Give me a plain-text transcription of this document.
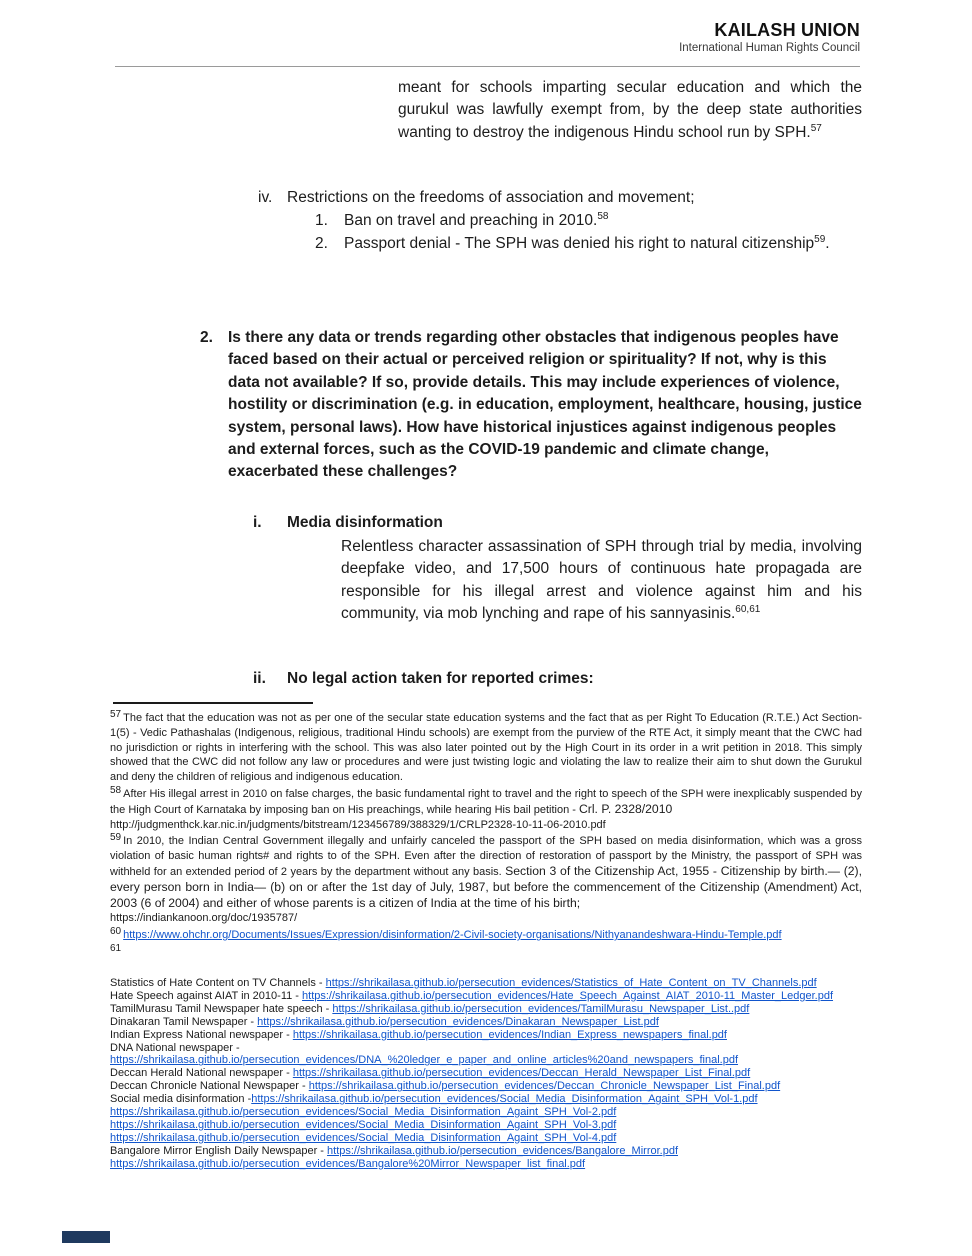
KAILASH UNION
International Human Rights Council

meant for schools imparting secular education and which the gurukul was lawfully exempt from, by the deep state authorities wanting to destroy the indigenous Hindu school run by SPH.$^{57}$

iv. Restrictions on the freedoms of association and movement;
1.	Ban on travel and preaching in 2010.58
2.	Passport denial - The SPH was denied his right to natural citizenship$^{59}$.
2. Is there any data or trends regarding other obstacles that indigenous peoples have faced based on their actual or perceived religion or spirituality? If not, why is this data not available? If so, provide details. This may include experiences of violence, hostility or discrimination (e.g. in education, employment, healthcare, housing, justice system, personal laws). How have historical injustices against indigenous peoples and external forces, such as the COVID-19 pandemic and climate change, exacerbated these challenges?
i.	Media disinformation

Relentless character assassination of SPH through trial by media, involving deepfake video, and 17,500 hours of continuous hate propagada are responsible for his illegal arrest and violence against him and his community, via mob lynching and rape of his sannyasinis.$^{60,61}$

ii.	No legal action taken for reported crimes:

$^{57}$ The fact that the education was not as per one of the secular state education systems and the fact that as per Right To Education (R.T.E.) Act Section-1(5) - Vedic Pathashalas (Indigenous, religious, traditional Hindu schools) are exempt from the purview of the RTE Act, it simply meant that the CWC had no jurisdiction or rights in interfering with the school. This was also later pointed out by the High Court in its order in a writ petition in 2018. This simply showed that the CWC did not follow any law or procedures and were just twisting logic and violating the law to realize their aim to shut down the Gurukul and deny the children of religious and indigenous education.

$^{58}$ After His illegal arrest in 2010 on false charges, the basic fundamental right to travel and the right to speech of the SPH were inexplicably suspended by the High Court of Karnataka by imposing ban on His preachings, while hearing His bail petition - Crl. P. 2328/2010
http://judgmenthck.kar.nic.in/judgments/bitstream/123456789/388329/1/CRLP2328-10-11-06-2010.pdf

$^{59}$ In 2010, the Indian Central Government illegally and unfairly canceled the passport of the SPH based on media disinformation, which was a gross violation of basic human rights# and rights to of the SPH. Even after the direction of restoration of passport by the Ministry, the passport of SPH was withheld for an extended period of 2 years by the department without any basis. Section 3 of the Citizenship Act, 1955 - Citizenship by birth.— (2), every person born in India— (b) on or after the 1st day of July, 1987, but before the commencement of the Citizenship (Amendment) Act, 2003 (6 of 2004) and either of whose parents is a citizen of India at the time of his birth;
https://indiankanoon.org/doc/1935787/

$^{60}$ https://www.ohchr.org/Documents/Issues/Expression/disinformation/2-Civil-society-organisations/Nithyanandeshwara-Hindu-Temple.pdf

$^{61}$

Statistics of Hate Content on TV Channels - https://shrikailasa.github.io/persecution_evidences/Statistics_of_Hate_Content_on_TV_Channels.pdf
Hate Speech against AIAT in 2010-11 - https://shrikailasa.github.io/persecution_evidences/Hate_Speech_Against_AIAT_2010-11_Master_Ledger.pdf
TamilMurasu Tamil Newspaper hate speech - https://shrikailasa.github.io/persecution_evidences/TamilMurasu_Newspaper_List..pdf
Dinakaran Tamil Newspaper - https://shrikailasa.github.io/persecution_evidences/Dinakaran_Newspaper_List.pdf
Indian Express National newspaper - https://shrikailasa.github.io/persecution_evidences/Indian_Express_newspapers_final.pdf
DNA National newspaper -
https://shrikailasa.github.io/persecution_evidences/DNA_%20ledger_e_paper_and_online_articles%20and_newspapers_final.pdf
Deccan Herald National newspaper - https://shrikailasa.github.io/persecution_evidences/Deccan_Herald_Newspaper_List_Final.pdf
Deccan Chronicle National Newspaper - https://shrikailasa.github.io/persecution_evidences/Deccan_Chronicle_Newspaper_List_Final.pdf
Social media disinformation -https://shrikailasa.github.io/persecution_evidences/Social_Media_Disinformation_Againt_SPH_Vol-1.pdf
https://shrikailasa.github.io/persecution_evidences/Social_Media_Disinformation_Againt_SPH_Vol-2.pdf
https://shrikailasa.github.io/persecution_evidences/Social_Media_Disinformation_Againt_SPH_Vol-3.pdf
https://shrikailasa.github.io/persecution_evidences/Social_Media_Disinformation_Againt_SPH_Vol-4.pdf
Bangalore Mirror English Daily Newspaper - https://shrikailasa.github.io/persecution_evidences/Bangalore_Mirror.pdf
https://shrikailasa.github.io/persecution_evidences/Bangalore%20Mirror_Newspaper_list_final.pdf
